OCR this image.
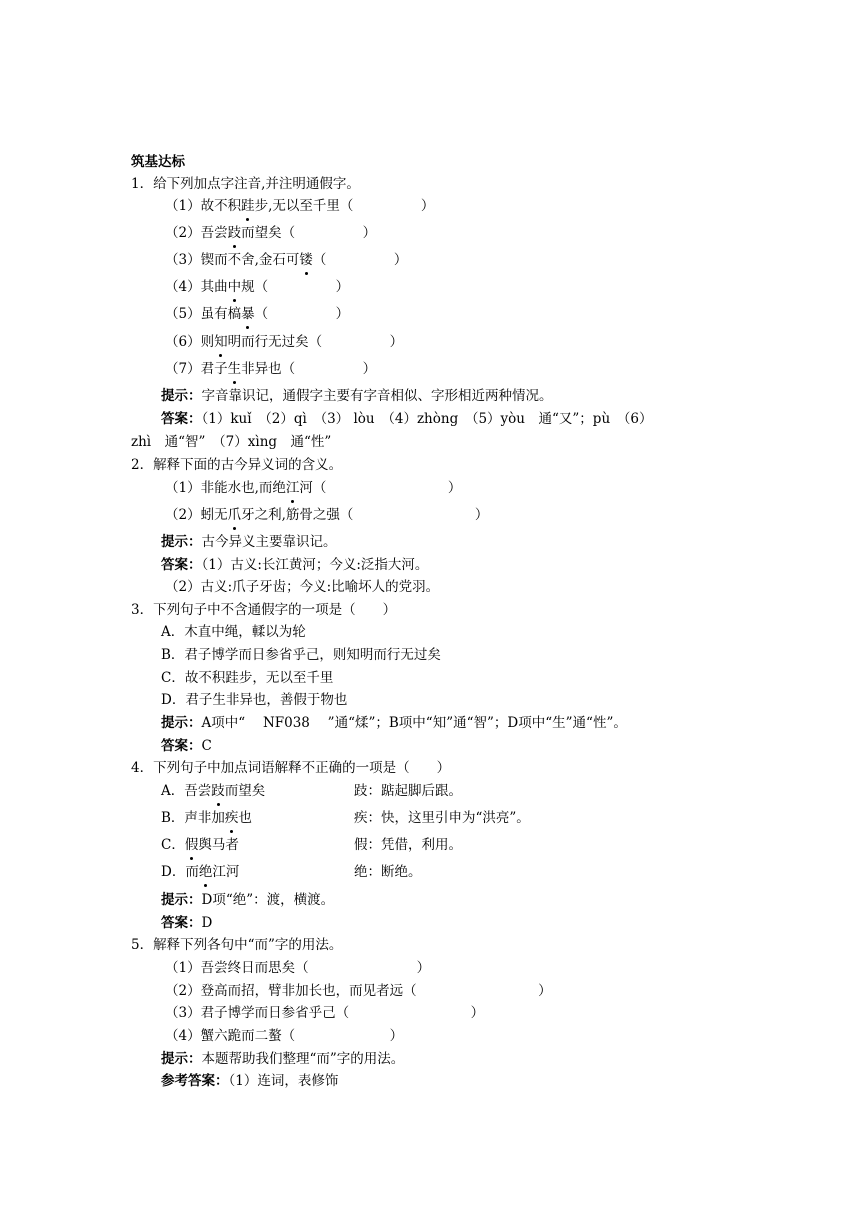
筑基达标
1．给下列加点字注音,并注明通假字。
（1）故不积跬步,无以至千里（　　　　　）
（2）吾尝跂而望矣（　　　　　）
（3）锲而不舍,金石可镂（　　　　　）
（4）其曲中规（　　　　　）
（5）虽有槁暴（　　　　　）
（6）则知明而行无过矣（　　　　　）
（7）君子生非异也（　　　　　）
提示：字音靠识记，通假字主要有字音相似、字形相近两种情况。
答案：（1）kuǐ　（2）qì　（3） lòu　（4）zhòng　（5）yòu　通“又”；pù　（6）
zhì　通“智”　（7）xìng　通“性”
2．解释下面的古今异义词的含义。
（1）非能水也,而绝江河（　　　　　　　　　）
（2）蚓无爪牙之利,筋骨之强（　　　　　　　　　）
提示：古今异义主要靠识记。
答案：（1）古义:长江黄河；今义:泛指大河。
（2）古义:爪子牙齿；今义:比喻坏人的党羽。
3．下列句子中不含通假字的一项是（　　）
A．木直中绳，輮以为轮
B．君子博学而日参省乎己，则知明而行无过矣
C．故不积跬步，无以至千里
D．君子生非异也，善假于物也
提示：A项中“　 NF038　 ”通“煣”；B项中“知”通“智”；D项中“生”通“性”。
答案：C
4．下列句子中加点词语解释不正确的一项是（　　）
A．吾尝跂而望矣	跂：踮起脚后跟。
B．声非加疾也	疾：快，这里引申为“洪亮”。
C．假舆马者	假：凭借，利用。
D．而绝江河	绝：断绝。
提示：D项“绝”：渡，横渡。
答案：D
5．解释下列各句中“而”字的用法。
（1）吾尝终日而思矣（　　　　　　　　）
（2）登高而招，臂非加长也，而见者远（　　　　　　　　　）
（3）君子博学而日参省乎己（　　　　　　　　　）
（4）蟹六跪而二螯（　　　　　　　）
提示：本题帮助我们整理“而”字的用法。
参考答案：（1）连词，表修饰
